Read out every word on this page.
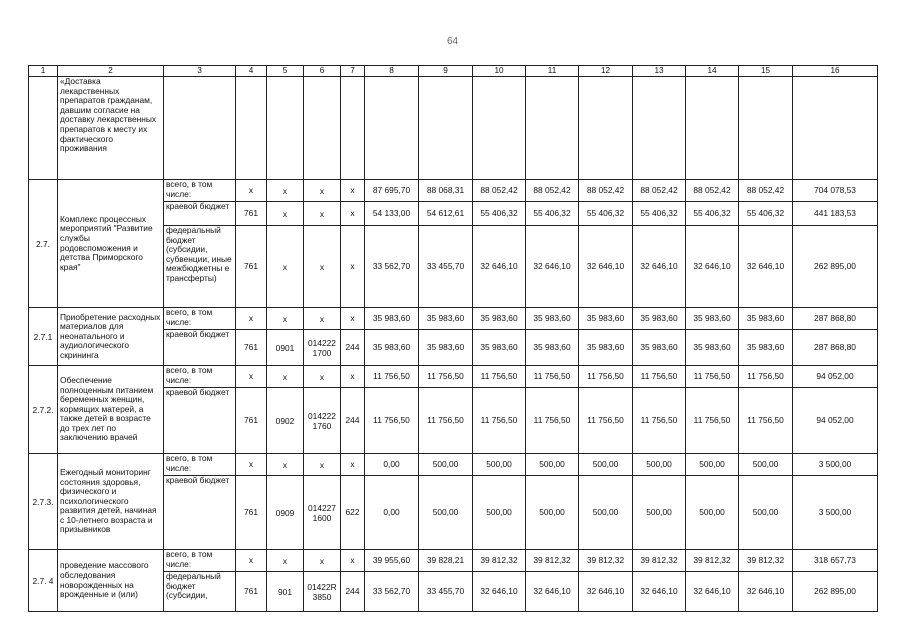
64
1	2	3	4	5	6	7	8	9	10	11	12	13	14	15	16
	«Доставка лекарственных препаратов гражданам, давшим согласие на доставку лекарственных препаратов к месту их фактического проживания														
2.7.	Комплекс процессных мероприятий "Развитие службы родовспоможения и детства Приморского края"	всего, в том числе:	x	x	x	x	87 695,70	88 068,31	88 052,42	88 052,42	88 052,42	88 052,42	88 052,42	88 052,42	704 078,53
		краевой бюджет	761	x	x	x	54 133,00	54 612,61	55 406,32	55 406,32	55 406,32	55 406,32	55 406,32	55 406,32	441 183,53
		федеральный бюджет (субсидии, субвенции, иные межбюджетны е трансферты)	761	x	x	x	33 562,70	33 455,70	32 646,10	32 646,10	32 646,10	32 646,10	32 646,10	32 646,10	262 895,00
2.7.1	Приобретение расходных материалов для неонатального и аудиологического скрининга	всего, в том числе:	x	x	x	x	35 983,60	35 983,60	35 983,60	35 983,60	35 983,60	35 983,60	35 983,60	35 983,60	287 868,80
		краевой бюджет	761	0901	014222 1700	244	35 983,60	35 983,60	35 983,60	35 983,60	35 983,60	35 983,60	35 983,60	35 983,60	287 868,80
2.7.2.	Обеспечение полноценным питанием беременных женщин, кормящих матерей, а также детей в возрасте до трех лет по заключению врачей	всего, в том числе:	x	x	x	x	11 756,50	11 756,50	11 756,50	11 756,50	11 756,50	11 756,50	11 756,50	11 756,50	94 052,00
		краевой бюджет	761	0902	014222 1760	244	11 756,50	11 756,50	11 756,50	11 756,50	11 756,50	11 756,50	11 756,50	11 756,50	94 052,00
2.7.3.	Ежегодный мониторинг состояния здоровья, физического и психологического развития детей, начиная с 10-летнего возраста и призывников	всего, в том числе:	x	x	x	x	0,00	500,00	500,00	500,00	500,00	500,00	500,00	500,00	3 500,00
		краевой бюджет	761	0909	014227 1600	622	0,00	500,00	500,00	500,00	500,00	500,00	500,00	500,00	3 500,00
2.7. 4	проведение массового обследования новорожденных на врожденные и (или)	всего, в том числе:	x	x	x	x	39 955,60	39 828,21	39 812,32	39 812,32	39 812,32	39 812,32	39 812,32	39 812,32	318 657,73
		федеральный бюджет (субсидии,	761	901	01422R 3850	244	33 562,70	33 455,70	32 646,10	32 646,10	32 646,10	32 646,10	32 646,10	32 646,10	262 895,00
